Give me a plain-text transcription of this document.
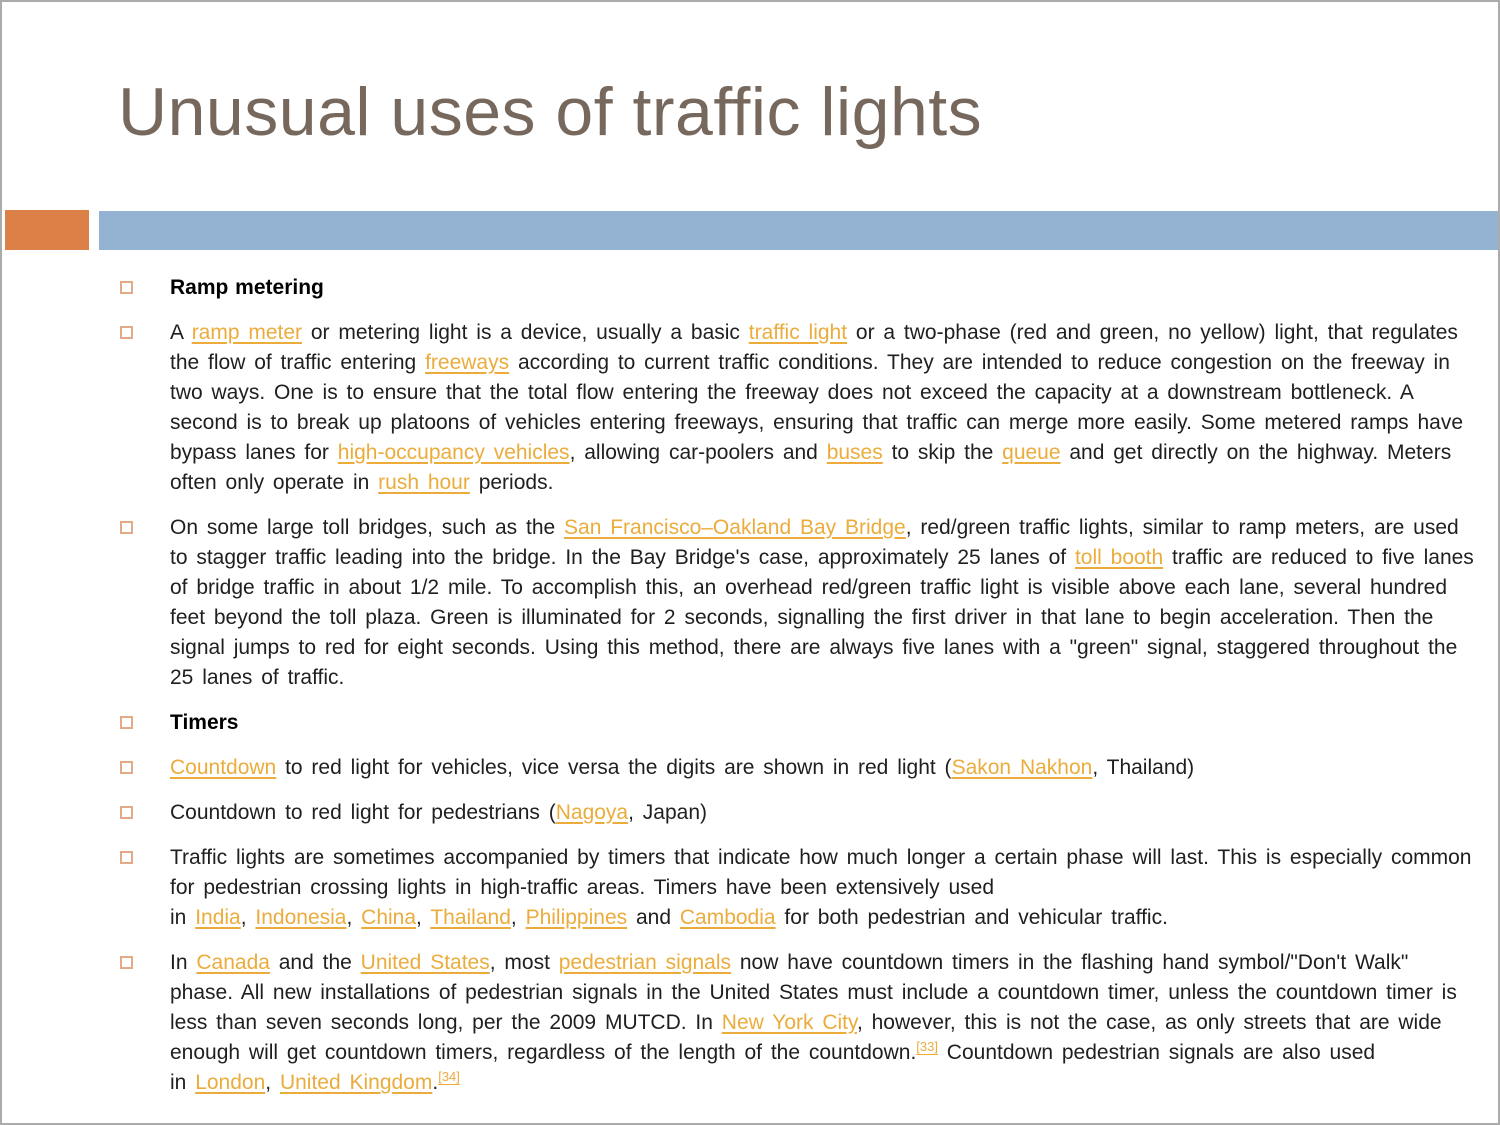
Unusual uses of traffic lights
Ramp metering
A ramp meter or metering light is a device, usually a basic traffic light or a two-phase (red and green, no yellow) light, that regulates the flow of traffic entering freeways according to current traffic conditions. They are intended to reduce congestion on the freeway in two ways. One is to ensure that the total flow entering the freeway does not exceed the capacity at a downstream bottleneck. A second is to break up platoons of vehicles entering freeways, ensuring that traffic can merge more easily. Some metered ramps have bypass lanes for high-occupancy vehicles, allowing car-poolers and buses to skip the queue and get directly on the highway. Meters often only operate in rush hour periods.
On some large toll bridges, such as the San Francisco–Oakland Bay Bridge, red/green traffic lights, similar to ramp meters, are used to stagger traffic leading into the bridge. In the Bay Bridge's case, approximately 25 lanes of toll booth traffic are reduced to five lanes of bridge traffic in about 1/2 mile. To accomplish this, an overhead red/green traffic light is visible above each lane, several hundred feet beyond the toll plaza. Green is illuminated for 2 seconds, signalling the first driver in that lane to begin acceleration. Then the signal jumps to red for eight seconds. Using this method, there are always five lanes with a "green" signal, staggered throughout the 25 lanes of traffic.
Timers
Countdown to red light for vehicles, vice versa the digits are shown in red light (Sakon Nakhon, Thailand)
Countdown to red light for pedestrians (Nagoya, Japan)
Traffic lights are sometimes accompanied by timers that indicate how much longer a certain phase will last. This is especially common for pedestrian crossing lights in high-traffic areas. Timers have been extensively used
in India, Indonesia, China, Thailand, Philippines and Cambodia for both pedestrian and vehicular traffic.
In Canada and the United States, most pedestrian signals now have countdown timers in the flashing hand symbol/"Don't Walk" phase. All new installations of pedestrian signals in the United States must include a countdown timer, unless the countdown timer is less than seven seconds long, per the 2009 MUTCD. In New York City, however, this is not the case, as only streets that are wide enough will get countdown timers, regardless of the length of the countdown.[33] Countdown pedestrian signals are also used
in London, United Kingdom.[34]
